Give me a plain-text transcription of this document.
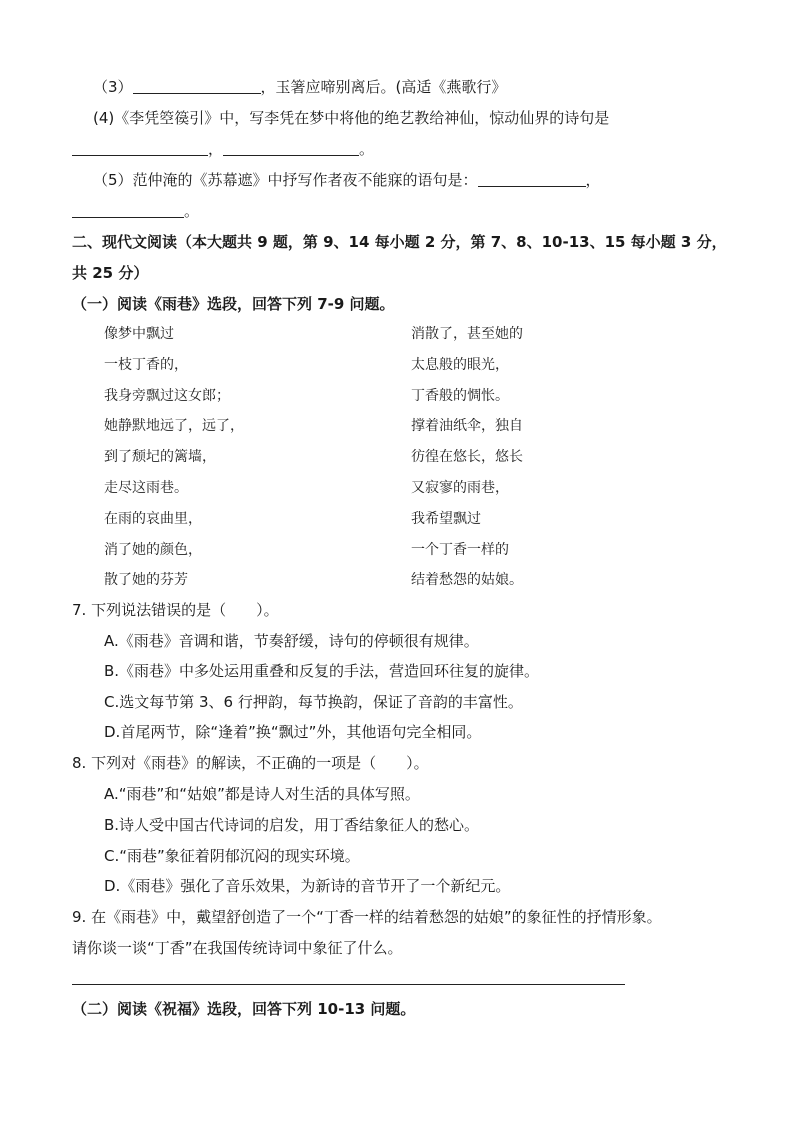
（3）	，玉箸应啼别离后。(高适《燕歌行》
(4)《李凭箜篌引》中，写李凭在梦中将他的绝艺教给神仙，惊动仙界的诗句是
，	。
（5）范仲淹的《苏幕遮》中抒写作者夜不能寐的语句是：	，
。
二、现代文阅读（本大题共 9 题，第 9、14 每小题 2 分，第 7、8、10-13、15 每小题 3 分，
共 25 分）
（一）阅读《雨巷》选段，回答下列 7-9 问题。
像梦中飘过
一枝丁香的，
我身旁飘过这女郎；
她静默地远了，远了，
到了颓圮的篱墙，
走尽这雨巷。
在雨的哀曲里，
消了她的颜色，
散了她的芬芳
消散了，甚至她的
太息般的眼光，
丁香般的惆怅。
撑着油纸伞，独自
彷徨在悠长，悠长
又寂寥的雨巷，
我希望飘过
一个丁香一样的
结着愁怨的姑娘。
7. 下列说法错误的是（　　）。
A.《雨巷》音调和谐，节奏舒缓，诗句的停顿很有规律。
B.《雨巷》中多处运用重叠和反复的手法，营造回环往复的旋律。
C.选文每节第 3、6 行押韵，每节换韵，保证了音韵的丰富性。
D.首尾两节，除“逢着”换“飘过”外，其他语句完全相同。
8. 下列对《雨巷》的解读，不正确的一项是（　　）。
A.“雨巷”和“姑娘”都是诗人对生活的具体写照。
B.诗人受中国古代诗词的启发，用丁香结象征人的愁心。
C.“雨巷”象征着阴郁沉闷的现实环境。
D.《雨巷》强化了音乐效果，为新诗的音节开了一个新纪元。
9. 在《雨巷》中，戴望舒创造了一个“丁香一样的结着愁怨的姑娘”的象征性的抒情形象。
请你谈一谈“丁香”在我国传统诗词中象征了什么。
（二）阅读《祝福》选段，回答下列 10-13 问题。
